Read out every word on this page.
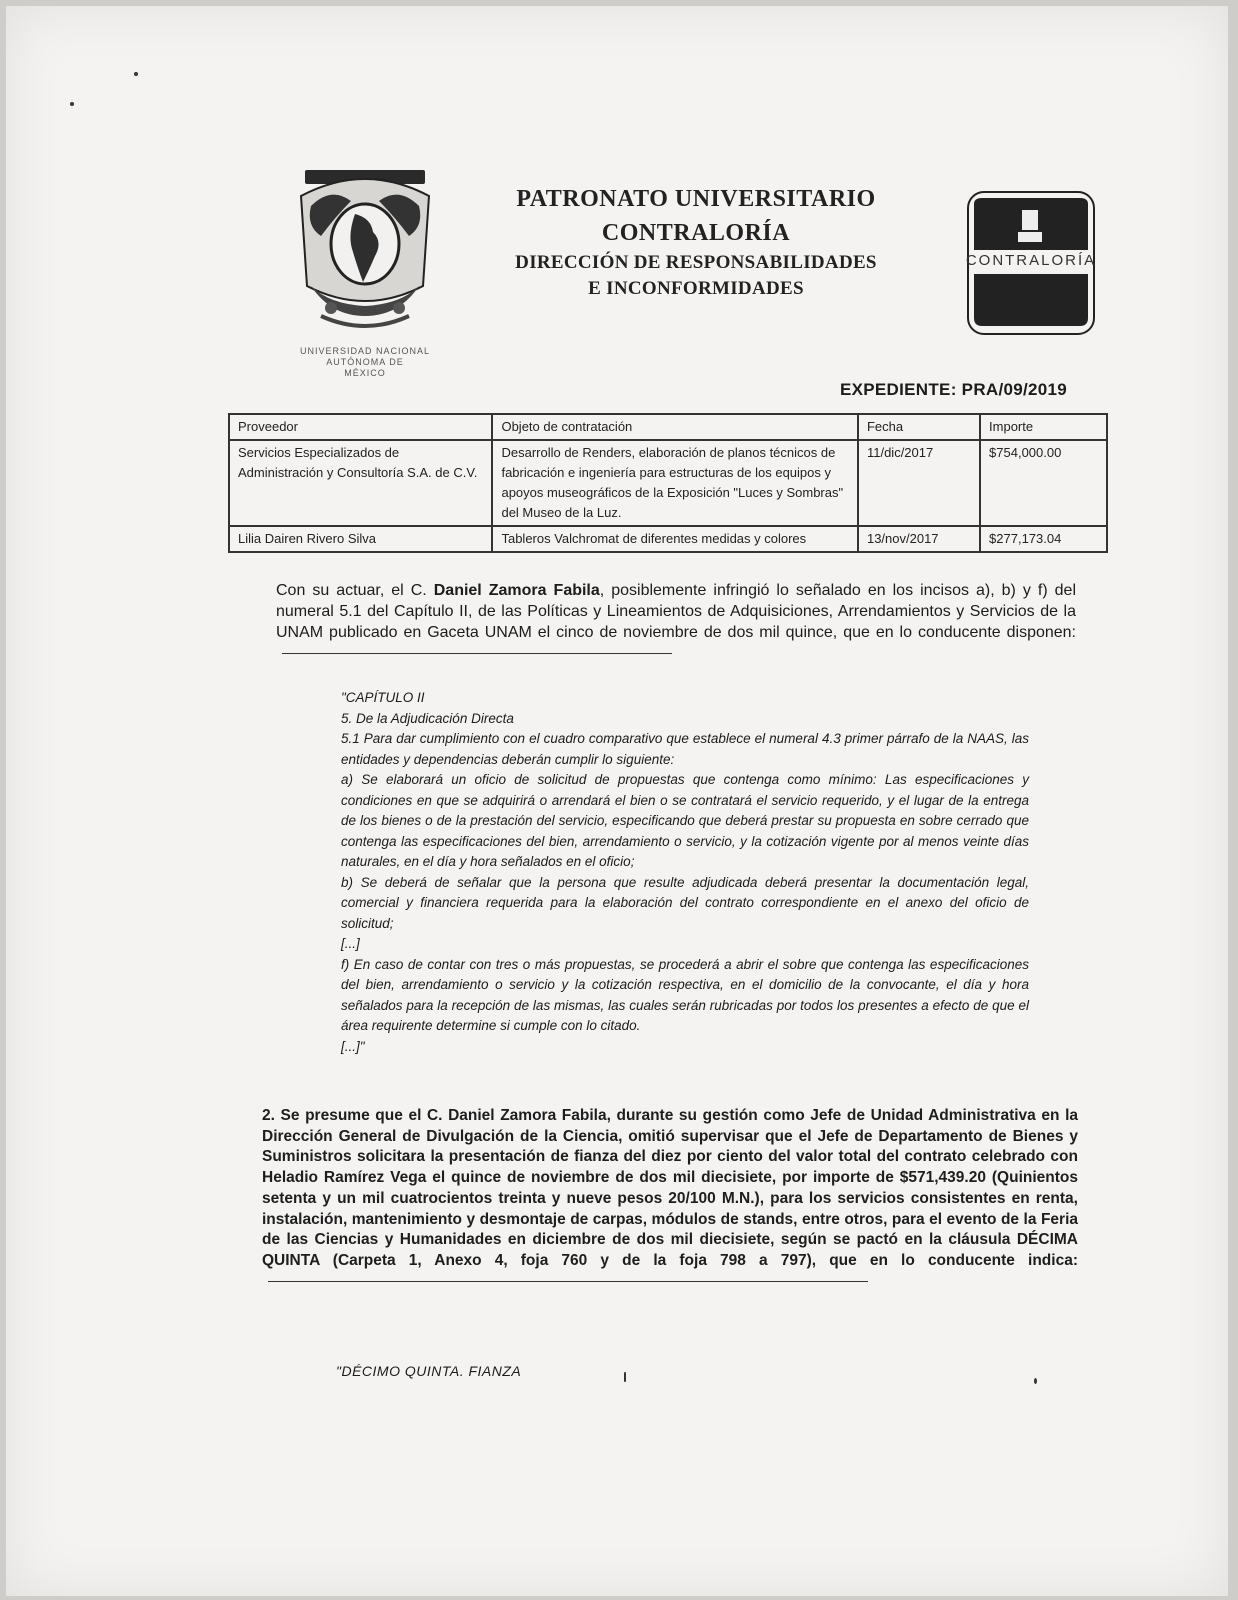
UNIVERSIDAD NACIONAL
AUTÓNOMA DE
MÉXICO
PATRONATO UNIVERSITARIO
CONTRALORÍA
DIRECCIÓN DE RESPONSABILIDADES
E INCONFORMIDADES
CONTRALORÍA
EXPEDIENTE: PRA/09/2019
Proveedor	Objeto de contratación	Fecha	Importe
Servicios Especializados de Administración y Consultoría S.A. de C.V.	Desarrollo de Renders, elaboración de planos técnicos de fabricación e ingeniería para estructuras de los equipos y apoyos museográficos de la Exposición "Luces y Sombras" del Museo de la Luz.	11/dic/2017	$754,000.00
Lilia Dairen Rivero Silva	Tableros Valchromat de diferentes medidas y colores	13/nov/2017	$277,173.04
Con su actuar, el C. Daniel Zamora Fabila, posiblemente infringió lo señalado en los incisos a), b) y f) del numeral 5.1 del Capítulo II, de las Políticas y Lineamientos de Adquisiciones, Arrendamientos y Servicios de la UNAM publicado en Gaceta UNAM el cinco de noviembre de dos mil quince, que en lo conducente disponen:
"CAPÍTULO II
5. De la Adjudicación Directa
5.1 Para dar cumplimiento con el cuadro comparativo que establece el numeral 4.3 primer párrafo de la NAAS, las entidades y dependencias deberán cumplir lo siguiente:
a) Se elaborará un oficio de solicitud de propuestas que contenga como mínimo: Las especificaciones y condiciones en que se adquirirá o arrendará el bien o se contratará el servicio requerido, y el lugar de la entrega de los bienes o de la prestación del servicio, especificando que deberá prestar su propuesta en sobre cerrado que contenga las especificaciones del bien, arrendamiento o servicio, y la cotización vigente por al menos veinte días naturales, en el día y hora señalados en el oficio;
b) Se deberá de señalar que la persona que resulte adjudicada deberá presentar la documentación legal, comercial y financiera requerida para la elaboración del contrato correspondiente en el anexo del oficio de solicitud;
[...]
f) En caso de contar con tres o más propuestas, se procederá a abrir el sobre que contenga las especificaciones del bien, arrendamiento o servicio y la cotización respectiva, en el domicilio de la convocante, el día y hora señalados para la recepción de las mismas, las cuales serán rubricadas por todos los presentes a efecto de que el área requirente determine si cumple con lo citado.
[...]"
2. Se presume que el C. Daniel Zamora Fabila, durante su gestión como Jefe de Unidad Administrativa en la Dirección General de Divulgación de la Ciencia, omitió supervisar que el Jefe de Departamento de Bienes y Suministros solicitara la presentación de fianza del diez por ciento del valor total del contrato celebrado con Heladio Ramírez Vega el quince de noviembre de dos mil diecisiete, por importe de $571,439.20 (Quinientos setenta y un mil cuatrocientos treinta y nueve pesos 20/100 M.N.), para los servicios consistentes en renta, instalación, mantenimiento y desmontaje de carpas, módulos de stands, entre otros, para el evento de la Feria de las Ciencias y Humanidades en diciembre de dos mil diecisiete, según se pactó en la cláusula DÉCIMA QUINTA (Carpeta 1, Anexo 4, foja 760 y de la foja 798 a 797), que en lo conducente indica:
"DÉCIMO QUINTA. FIANZA
